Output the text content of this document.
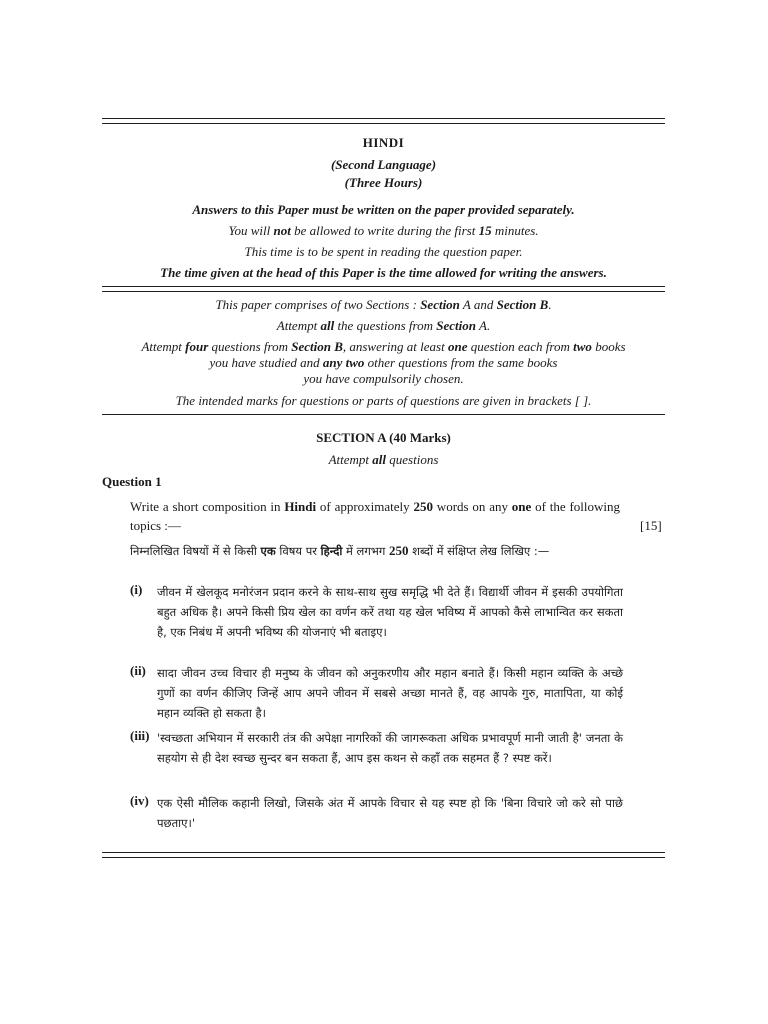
HINDI
(Second Language)
(Three Hours)
Answers to this Paper must be written on the paper provided separately.
You will not be allowed to write during the first 15 minutes.
This time is to be spent in reading the question paper.
The time given at the head of this Paper is the time allowed for writing the answers.
This paper comprises of two Sections : Section A and Section B.
Attempt all the questions from Section A.
Attempt four questions from Section B, answering at least one question each from two books
you have studied and any two other questions from the same books
you have compulsorily chosen.
The intended marks for questions or parts of questions are given in brackets [ ].
SECTION A (40 Marks)
Attempt all questions
Question 1
Write a short composition in Hindi of approximately 250 words on any one of the following topics :—	[15]
निम्नलिखित विषयों में से किसी एक विषय पर हिन्दी में लगभग 250 शब्दों में संक्षिप्त लेख लिखिए :—
(i) जीवन में खेलकूद मनोरंजन प्रदान करने के साथ-साथ सुख समृद्धि भी देते हैं। विद्यार्थी जीवन में इसकी उपयोगिता बहुत अधिक है। अपने किसी प्रिय खेल का वर्णन करें तथा यह खेल भविष्य में आपको कैसे लाभान्वित कर सकता है, एक निबंध में अपनी भविष्य की योजनाएं भी बताइए।
(ii) सादा जीवन उच्च विचार ही मनुष्य के जीवन को अनुकरणीय और महान बनाते हैं। किसी महान व्यक्ति के अच्छे गुणों का वर्णन कीजिए जिन्हें आप अपने जीवन में सबसे अच्छा मानते हैं, वह आपके गुरु, मातापिता, या कोई महान व्यक्ति हो सकता है।
(iii) 'स्वच्छता अभियान में सरकारी तंत्र की अपेक्षा नागरिकों की जागरूकता अधिक प्रभावपूर्ण मानी जाती है' जनता के सहयोग से ही देश स्वच्छ सुन्दर बन सकता हैं, आप इस कथन से कहाँ तक सहमत हैं ? स्पष्ट करें।
(iv) एक ऐसी मौलिक कहानी लिखो, जिसके अंत में आपके विचार से यह स्पष्ट हो कि 'बिना विचारे जो करे सो पाछे पछताए।'
